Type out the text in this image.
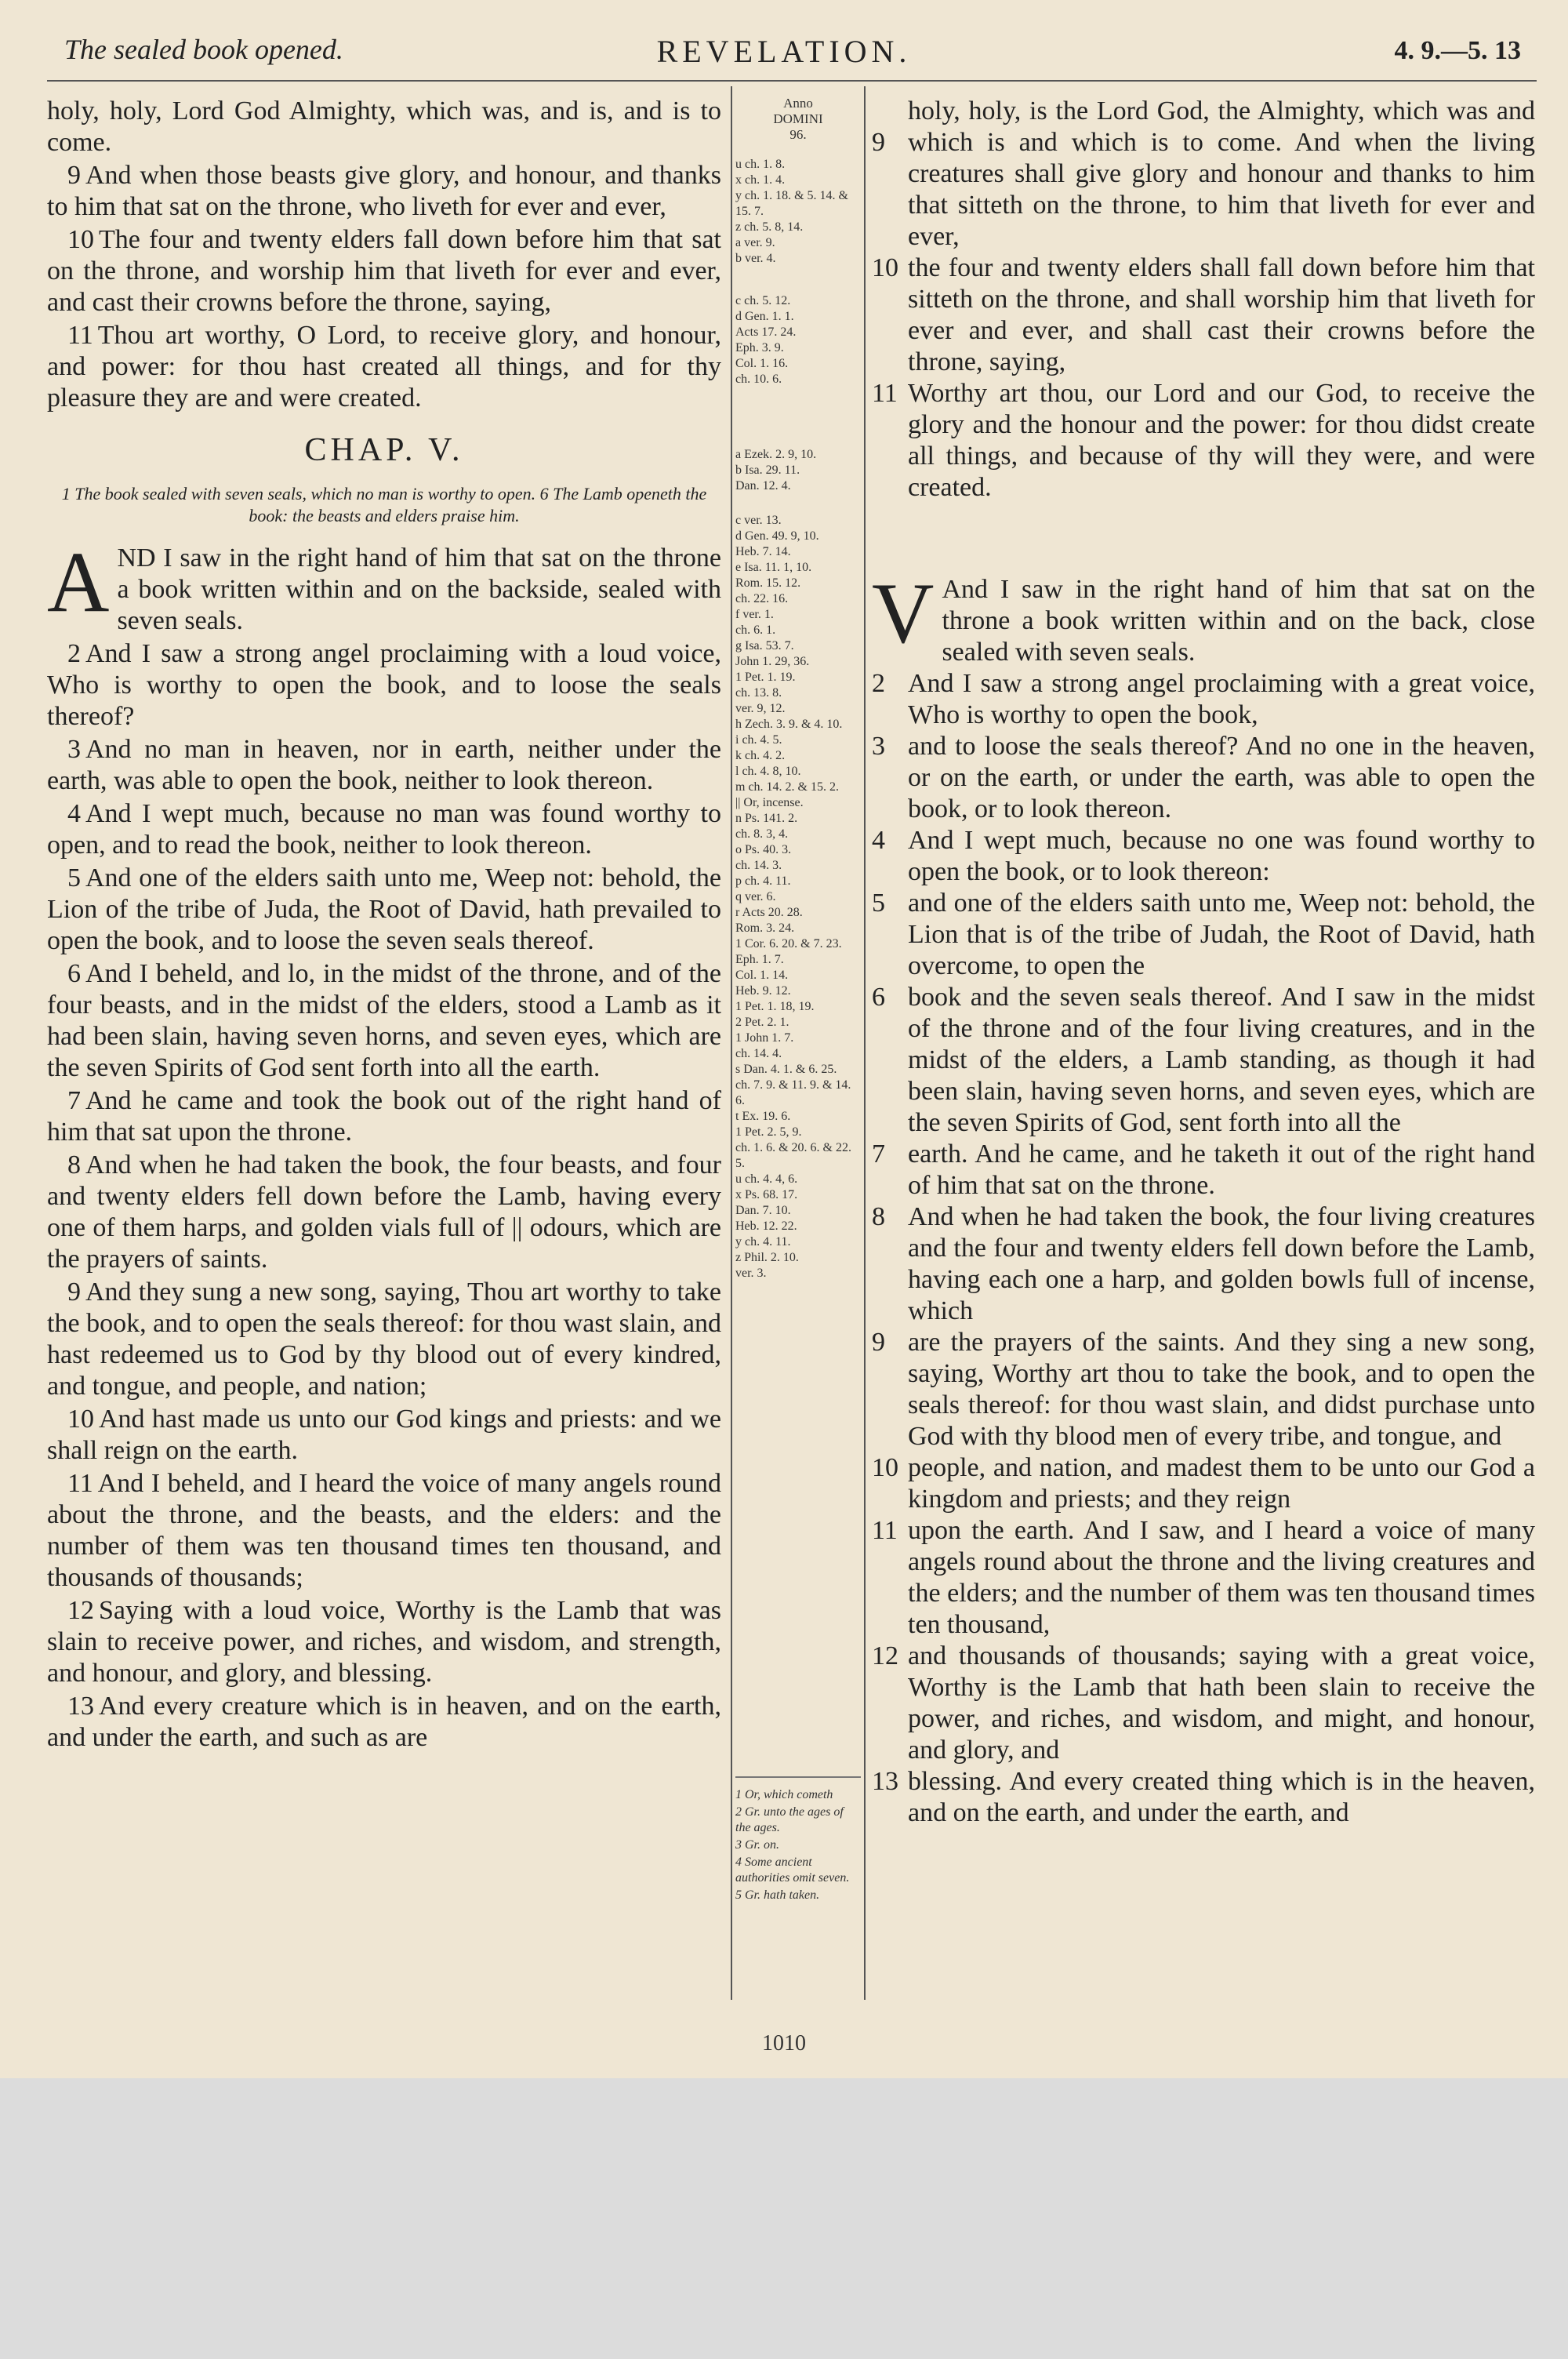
The sealed book opened.	REVELATION.	4. 9.—5. 13

holy, holy, Lord God Almighty, which was, and is, and is to come.

9 And when those beasts give glory, and honour, and thanks to him that sat on the throne, who liveth for ever and ever,

10 The four and twenty elders fall down before him that sat on the throne, and worship him that liveth for ever and ever, and cast their crowns before the throne, saying,

11 Thou art worthy, O Lord, to receive glory, and honour, and power: for thou hast created all things, and for thy pleasure they are and were created.

CHAP. V.
1 The book sealed with seven seals, which no man is worthy to open. 6 The Lamb openeth the book: the beasts and elders praise him.

AND I saw in the right hand of him that sat on the throne a book written within and on the backside, sealed with seven seals.

2 And I saw a strong angel proclaiming with a loud voice, Who is worthy to open the book, and to loose the seals thereof?

3 And no man in heaven, nor in earth, neither under the earth, was able to open the book, neither to look thereon.

4 And I wept much, because no man was found worthy to open, and to read the book, neither to look thereon.

5 And one of the elders saith unto me, Weep not: behold, the Lion of the tribe of Juda, the Root of David, hath prevailed to open the book, and to loose the seven seals thereof.

6 And I beheld, and lo, in the midst of the throne, and of the four beasts, and in the midst of the elders, stood a Lamb as it had been slain, having seven horns, and seven eyes, which are the seven Spirits of God sent forth into all the earth.

7 And he came and took the book out of the right hand of him that sat upon the throne.

8 And when he had taken the book, the four beasts, and four and twenty elders fell down before the Lamb, having every one of them harps, and golden vials full of || odours, which are the prayers of saints.

9 And they sung a new song, saying, Thou art worthy to take the book, and to open the seals thereof: for thou wast slain, and hast redeemed us to God by thy blood out of every kindred, and tongue, and people, and nation;

10 And hast made us unto our God kings and priests: and we shall reign on the earth.

11 And I beheld, and I heard the voice of many angels round about the throne, and the beasts, and the elders: and the number of them was ten thousand times ten thousand, and thousands of thousands;

12 Saying with a loud voice, Worthy is the Lamb that was slain to receive power, and riches, and wisdom, and strength, and honour, and glory, and blessing.

13 And every creature which is in heaven, and on the earth, and under the earth, and such as are

Anno
DOMINI
96.

u ch. 1. 8.

x ch. 1. 4.

y ch. 1. 18. & 5. 14. & 15. 7.

z ch. 5. 8, 14.

a ver. 9.

b ver. 4.

c ch. 5. 12.

d Gen. 1. 1.

Acts 17. 24.

Eph. 3. 9.

Col. 1. 16.

ch. 10. 6.

a Ezek. 2. 9, 10.

b Isa. 29. 11.

Dan. 12. 4.

c ver. 13.

d Gen. 49. 9, 10.

Heb. 7. 14.

e Isa. 11. 1, 10.

Rom. 15. 12.

ch. 22. 16.

f ver. 1.

ch. 6. 1.

g Isa. 53. 7.

John 1. 29, 36.

1 Pet. 1. 19.

ch. 13. 8.

ver. 9, 12.

h Zech. 3. 9. & 4. 10.

i ch. 4. 5.

k ch. 4. 2.

l ch. 4. 8, 10.

m ch. 14. 2. & 15. 2.

|| Or, incense.

n Ps. 141. 2.

ch. 8. 3, 4.

o Ps. 40. 3.

ch. 14. 3.

p ch. 4. 11.

q ver. 6.

r Acts 20. 28.

Rom. 3. 24.

1 Cor. 6. 20. & 7. 23.

Eph. 1. 7.

Col. 1. 14.

Heb. 9. 12.

1 Pet. 1. 18, 19.

2 Pet. 2. 1.

1 John 1. 7.

ch. 14. 4.

s Dan. 4. 1. & 6. 25.

ch. 7. 9. & 11. 9. & 14. 6.

t Ex. 19. 6.

1 Pet. 2. 5, 9.

ch. 1. 6. & 20. 6. & 22. 5.

u ch. 4. 4, 6.

x Ps. 68. 17.

Dan. 7. 10.

Heb. 12. 22.

y ch. 4. 11.

z Phil. 2. 10.

ver. 3.

1 Or, which cometh

2 Gr. unto the ages of the ages.

3 Gr. on.

4 Some ancient authorities omit seven.

5 Gr. hath taken.

holy, holy, is the Lord God, the Almighty, which was and which is and which is to come. And when the living creatures shall give glory and honour and thanks to him that sitteth on the throne, to him that liveth for ever and ever,

10 the four and twenty elders shall fall down before him that sitteth on the throne, and shall worship him that liveth for ever and ever, and shall cast their crowns before the throne, saying,

11 Worthy art thou, our Lord and our God, to receive the glory and the honour and the power: for thou didst create all things, and because of thy will they were, and were created.

V And I saw in the right hand of him that sat on the throne a book written within and on the back, close sealed with seven seals.

2 And I saw a strong angel proclaiming with a great voice, Who is worthy to open the book,

3 and to loose the seals thereof? And no one in the heaven, or on the earth, or under the earth, was able to open the book, or to look thereon.

4 And I wept much, because no one was found worthy to open the book, or to look thereon:

5 and one of the elders saith unto me, Weep not: behold, the Lion that is of the tribe of Judah, the Root of David, hath overcome, to open the

6 book and the seven seals thereof. And I saw in the midst of the throne and of the four living creatures, and in the midst of the elders, a Lamb standing, as though it had been slain, having seven horns, and seven eyes, which are the seven Spirits of God, sent forth into all the

7 earth. And he came, and he taketh it out of the right hand of him that sat on the throne.

8 And when he had taken the book, the four living creatures and the four and twenty elders fell down before the Lamb, having each one a harp, and golden bowls full of incense, which

9 are the prayers of the saints. And they sing a new song, saying, Worthy art thou to take the book, and to open the seals thereof: for thou wast slain, and didst purchase unto God with thy blood men of every tribe, and tongue, and

10 people, and nation, and madest them to be unto our God a kingdom and priests; and they reign

11 upon the earth. And I saw, and I heard a voice of many angels round about the throne and the living creatures and the elders; and the number of them was ten thousand times ten thousand,

12 and thousands of thousands; saying with a great voice, Worthy is the Lamb that hath been slain to receive the power, and riches, and wisdom, and might, and honour, and glory, and

13 blessing. And every created thing which is in the heaven, and on the earth, and under the earth, and

9
1010
